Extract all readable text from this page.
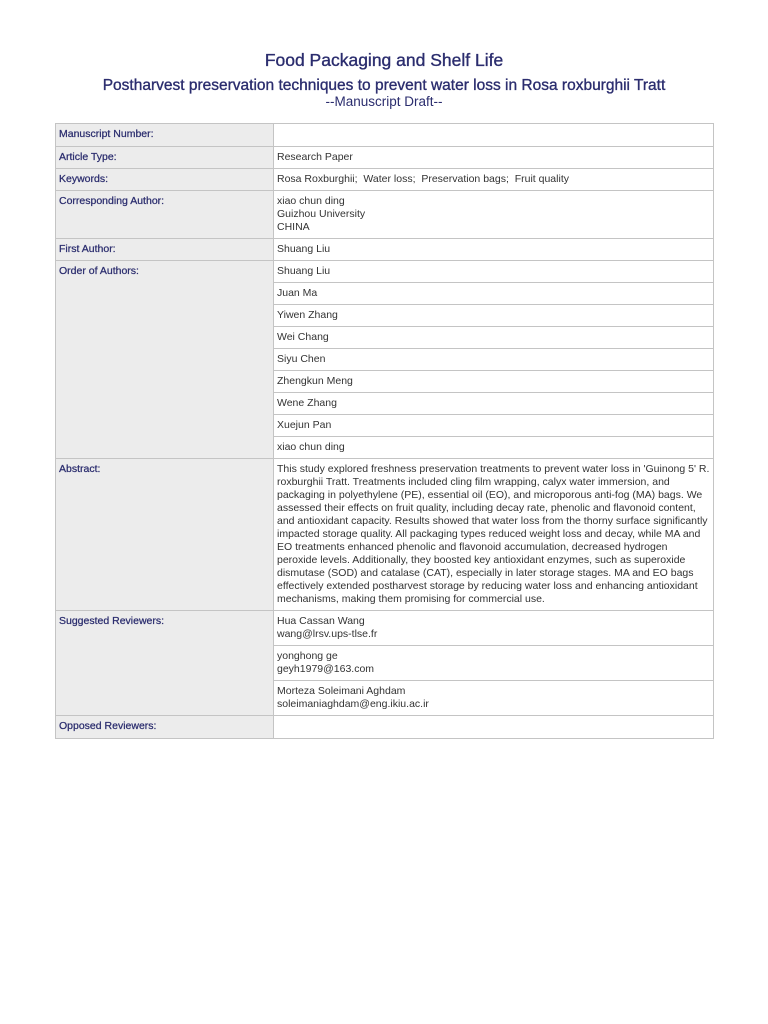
Food Packaging and Shelf Life
Postharvest preservation techniques to prevent water loss in Rosa roxburghii Tratt
--Manuscript Draft--
Manuscript Number:	
Article Type:	Research Paper
Keywords:	Rosa Roxburghii;  Water loss;  Preservation bags;  Fruit quality
Corresponding Author:	xiao chun ding
Guizhou University
CHINA

First Author:	Shuang Liu
Order of Authors:	Shuang Liu
	Juan Ma
	Yiwen Zhang
	Wei Chang
	Siyu Chen
	Zhengkun Meng
	Wene Zhang
	Xuejun Pan
	xiao chun ding
Abstract:	This study explored freshness preservation treatments to prevent water loss in 'Guinong 5' R. roxburghii Tratt. Treatments included cling film wrapping, calyx water immersion, and packaging in polyethylene (PE), essential oil (EO), and microporous anti-fog (MA) bags. We assessed their effects on fruit quality, including decay rate, phenolic and flavonoid content, and antioxidant capacity. Results showed that water loss from the thorny surface significantly impacted storage quality. All packaging types reduced weight loss and decay, while MA and EO treatments enhanced phenolic and flavonoid accumulation, decreased hydrogen peroxide levels. Additionally, they boosted key antioxidant enzymes, such as superoxide dismutase (SOD) and catalase (CAT), especially in later storage stages. MA and EO bags effectively extended postharvest storage by reducing water loss and enhancing antioxidant mechanisms, making them promising for commercial use.

Suggested Reviewers:	Hua Cassan Wang
wang@lrsv.ups-tlse.fr

	yonghong ge
geyh1979@163.com

	Morteza Soleimani Aghdam
soleimaniaghdam@eng.ikiu.ac.ir

Opposed Reviewers:	
